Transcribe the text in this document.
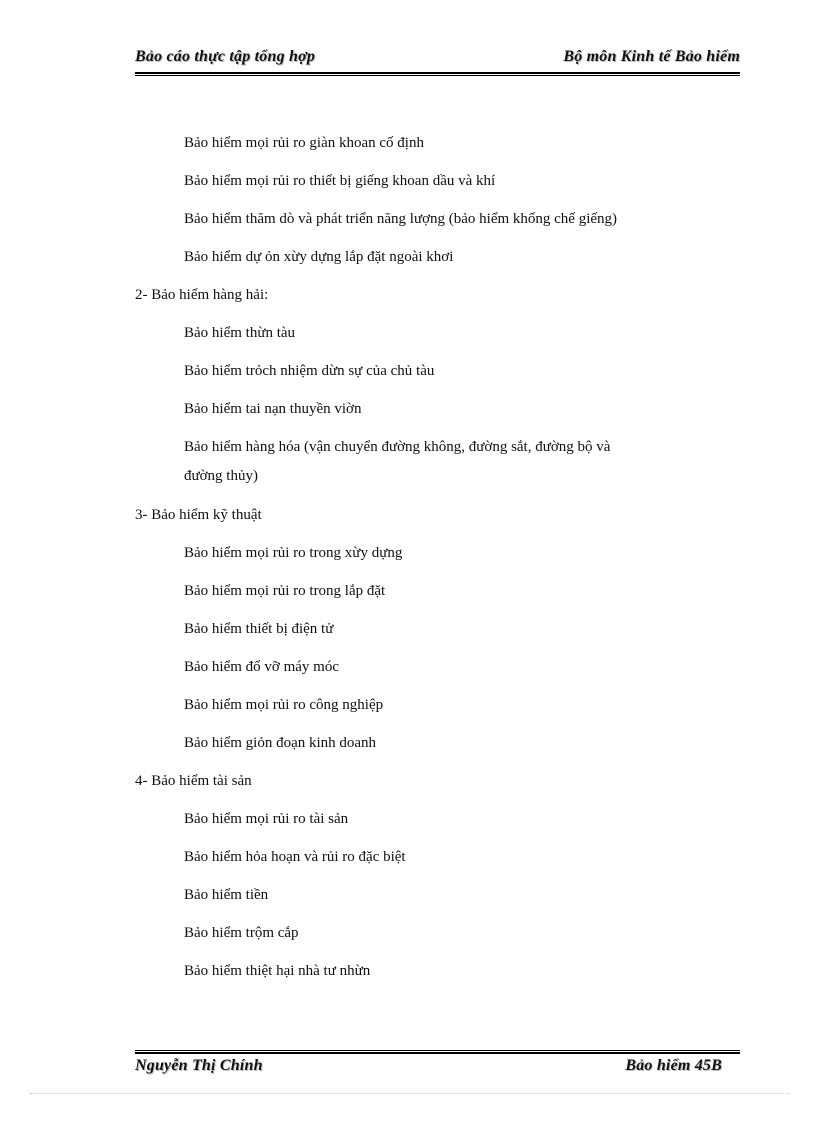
Bảo cáo thực tập tổng hợp	Bộ môn Kinh tế Bảo hiểm
Bảo hiểm mọi rủi ro giàn khoan cố định
Bảo hiểm mọi rủi ro thiết bị giếng khoan dầu và khí
Bảo hiểm thăm dò và phát triển năng lượng (bảo hiểm khống chế giếng)
Bảo hiểm dự ỏn xừy dựng lắp đặt ngoài khơi
2- Bảo hiểm hàng hải:
Bảo hiểm thừn tàu
Bảo hiểm trỏch nhiệm dừn sự của chủ tàu
Bảo hiểm tai nạn thuyền viờn
Bảo hiểm hàng hóa (vận chuyển đường không, đường sắt, đường bộ và
đường thủy)
3- Bảo hiểm kỹ thuật
Bảo hiểm mọi rủi ro trong xừy dựng
Bảo hiểm mọi rủi ro trong lắp đặt
Bảo hiểm thiết bị điện tử
Bảo hiểm đổ vỡ máy móc
Bảo hiểm mọi rủi ro công nghiệp
Bảo hiểm giỏn đoạn kinh doanh
4- Bảo hiểm tài sản
Bảo hiểm mọi rủi ro tài sản
Bảo hiểm hỏa hoạn và rủi ro đặc biệt
Bảo hiểm tiền
Bảo hiểm trộm cắp
Bảo hiểm thiệt hại nhà tư nhừn
Nguyễn Thị Chính	Bảo hiểm 45B
